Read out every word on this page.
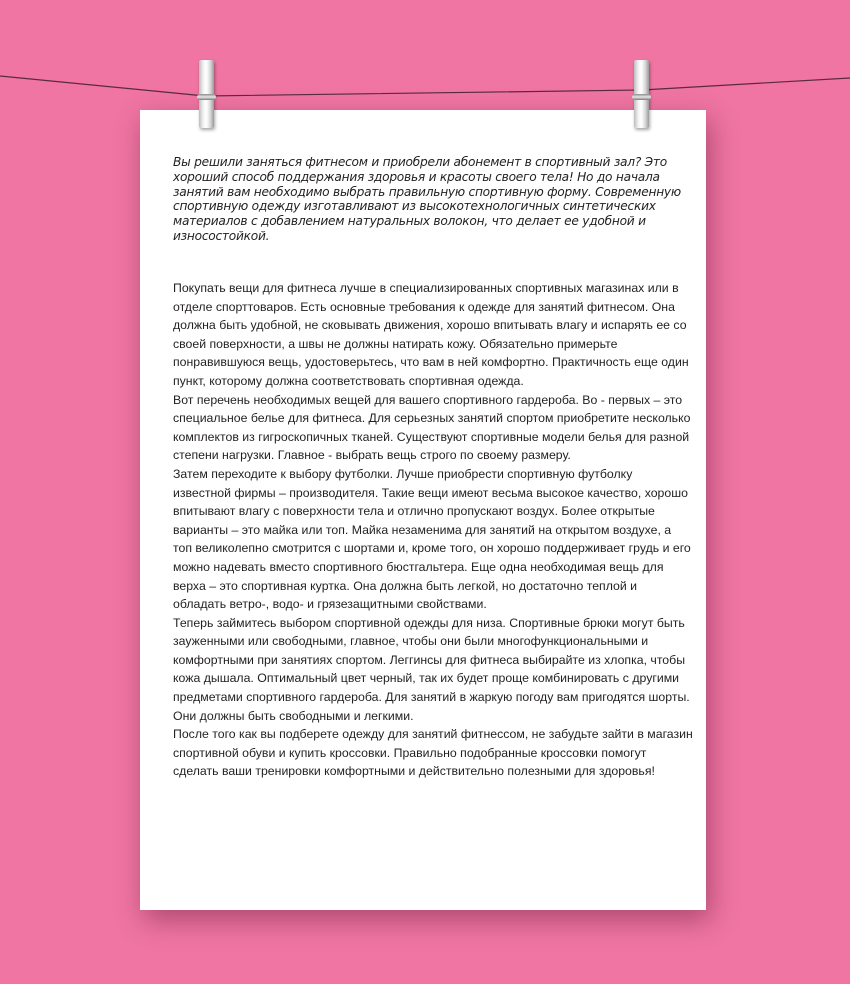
Вы решили заняться фитнесом и приобрели абонемент в спортивный зал? Это хороший способ поддержания здоровья и красоты своего тела! Но до начала занятий вам необходимо выбрать правильную спортивную форму. Современную спортивную одежду изготавливают из высокотехнологичных синтетических материалов с добавлением натуральных волокон, что делает ее удобной и износостойкой.

Покупать вещи для фитнеса лучше в специализированных спортивных магазинах или в отделе спорттоваров. Есть основные требования к одежде для занятий фитнесом. Она должна быть удобной, не сковывать движения, хорошо впитывать влагу и испарять ее со своей поверхности, а швы не должны натирать кожу. Обязательно примерьте понравившуюся вещь, удостоверьтесь, что вам в ней комфортно. Практичность еще один пункт, которому должна соответствовать спортивная одежда.

Вот перечень необходимых вещей для вашего спортивного гардероба. Во - первых – это специальное белье для фитнеса. Для серьезных занятий спортом приобретите несколько комплектов из гигроскопичных тканей. Существуют спортивные модели белья для разной степени нагрузки. Главное - выбрать вещь строго по своему размеру.

Затем переходите к выбору футболки. Лучше приобрести спортивную футболку известной фирмы – производителя. Такие вещи имеют весьма высокое качество, хорошо впитывают влагу с поверхности тела и отлично пропускают воздух. Более открытые варианты – это майка или топ. Майка незаменима для занятий на открытом воздухе, а топ великолепно смотрится с шортами и, кроме того, он хорошо поддерживает грудь и его можно надевать вместо спортивного бюстгальтера. Еще одна необходимая вещь для верха – это спортивная куртка. Она должна быть легкой, но достаточно теплой и обладать ветро-, водо- и грязезащитными свойствами.

Теперь займитесь выбором спортивной одежды для низа. Спортивные брюки могут быть зауженными или свободными, главное, чтобы они были многофункциональными и комфортными при занятиях спортом. Леггинсы для фитнеса выбирайте из хлопка, чтобы кожа дышала. Оптимальный цвет черный, так их будет проще комбинировать с другими предметами спортивного гардероба. Для занятий в жаркую погоду вам пригодятся шорты. Они должны быть свободными и легкими.

После того как вы подберете одежду для занятий фитнессом, не забудьте зайти в магазин спортивной обуви и купить кроссовки. Правильно подобранные кроссовки помогут сделать ваши тренировки комфортными и действительно полезными для здоровья!
